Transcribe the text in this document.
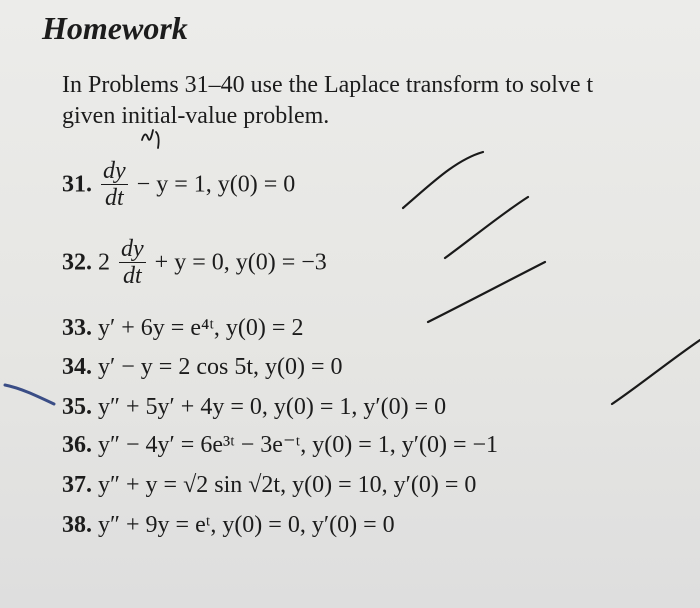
Homework
In Problems 31–40 use the Laplace transform to solve t
given initial-value problem.
31. $\frac{dy}{dt} - y = 1$, y(0) = 0
32. $2 \frac{dy}{dt} + y = 0$, y(0) = −3
33. y′ + 6y = e⁴ᵗ, y(0) = 2
34. y′ − y = 2 cos 5t, y(0) = 0
35. y″ + 5y′ + 4y = 0, y(0) = 1, y′(0) = 0
36. y″ − 4y′ = 6e³ᵗ − 3e⁻ᵗ, y(0) = 1, y′(0) = −1
37. y″ + y = √2 sin √2t, y(0) = 10, y′(0) = 0
38. y″ + 9y = eᵗ, y(0) = 0, y′(0) = 0
